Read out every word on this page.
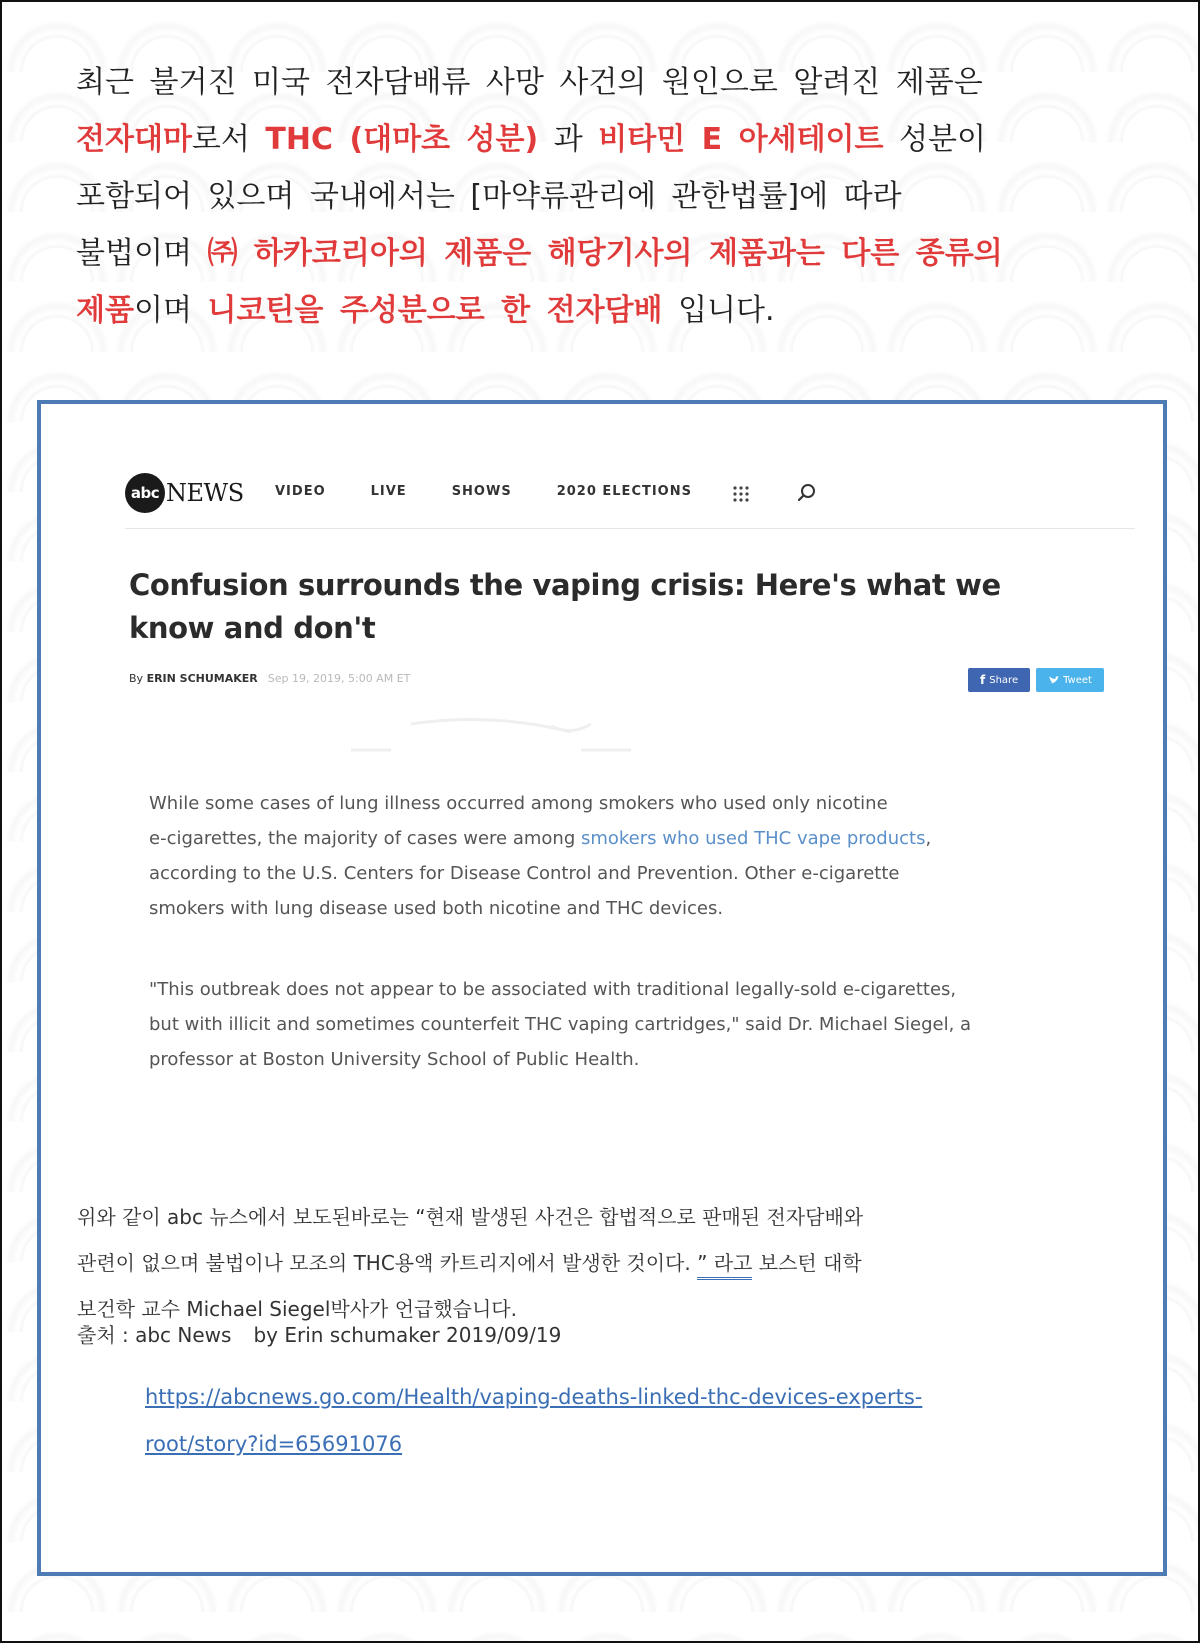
최근 불거진 미국 전자담배류 사망 사건의 원인으로 알려진 제품은
전자대마로서 THC (대마초 성분) 과 비타민 E 아세테이트 성분이
포함되어 있으며 국내에서는 [마약류관리에 관한법률]에 따라
불법이며 ㈜ 하카코리아의 제품은 해당기사의 제품과는 다른 종류의
제품이며 니코틴을 주성분으로 한 전자담배 입니다.
abc NEWS VIDEO	LIVE	SHOWS	2020 ELECTIONS
Confusion surrounds the vaping crisis: Here's what we
know and don't
By ERIN SCHUMAKER Sep 19, 2019, 5:00 AM ET	f Share	Tweet
While some cases of lung illness occurred among smokers who used only nicotine
e-cigarettes, the majority of cases were among smokers who used THC vape products,
according to the U.S. Centers for Disease Control and Prevention. Other e-cigarette
smokers with lung disease used both nicotine and THC devices.
"This outbreak does not appear to be associated with traditional legally-sold e-cigarettes,
but with illicit and sometimes counterfeit THC vaping cartridges," said Dr. Michael Siegel, a
professor at Boston University School of Public Health.
위와 같이 abc 뉴스에서 보도된바로는 “현재 발생된 사건은 합법적으로 판매된 전자담배와
관련이 없으며 불법이나 모조의 THC용액 카트리지에서 발생한 것이다. ” 라고 보스턴 대학
보건학 교수 Michael Siegel박사가 언급했습니다.
출처 : abc News by Erin schumaker 2019/09/19
https://abcnews.go.com/Health/vaping-deaths-linked-thc-devices-experts-
root/story?id=65691076
